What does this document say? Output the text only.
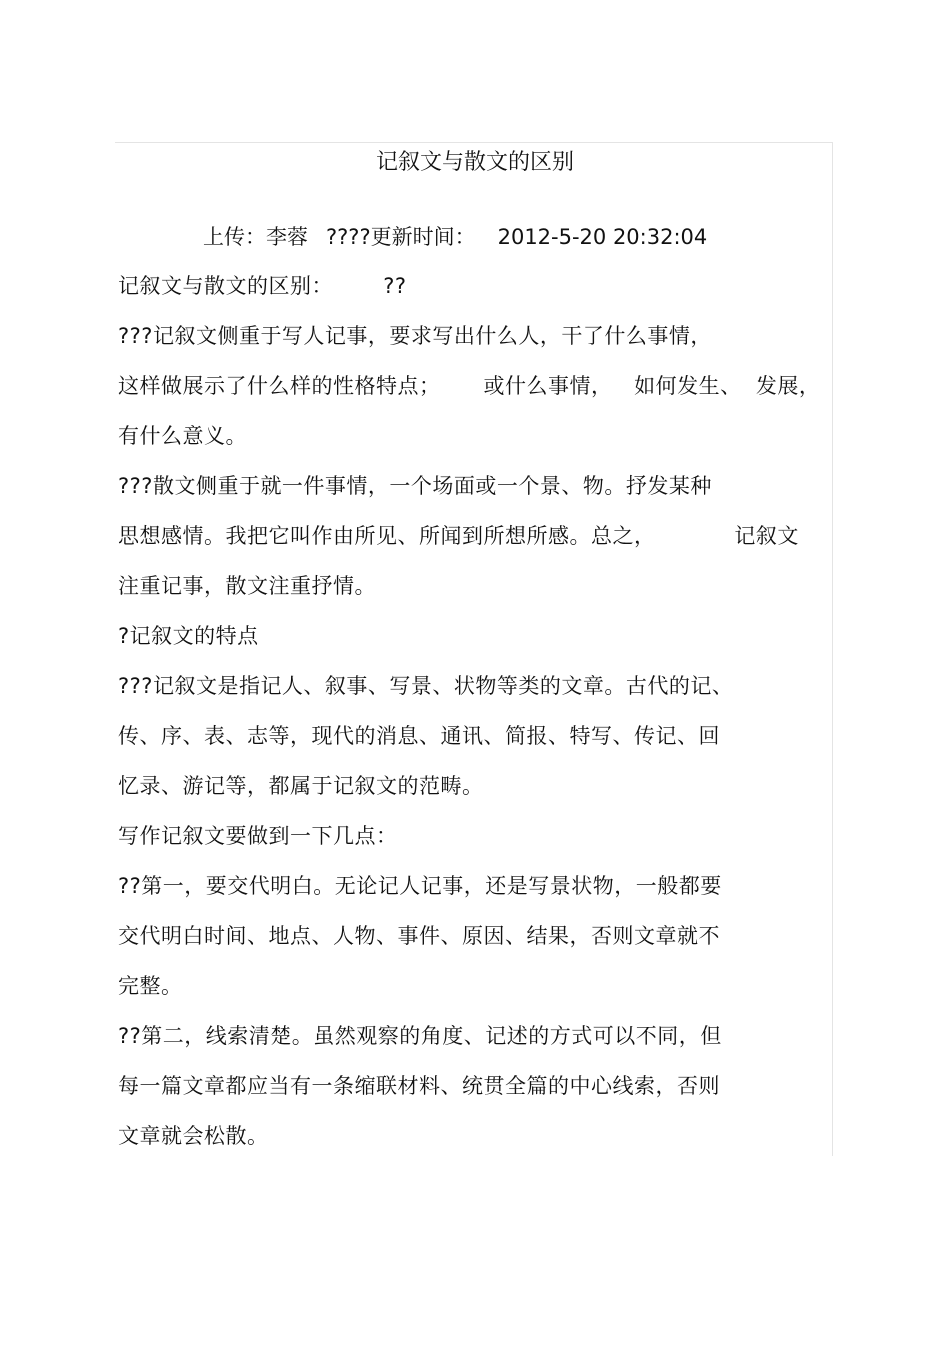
记叙文与散文的区别
上传：李蓉 ????更新时间： 2012-5-20 20:32:04
记叙文与散文的区别：       ??
???记叙文侧重于写人记事，要求写出什么人，干了什么事情，
这样做展示了什么样的性格特点；      或什么事情，   如何发生、  发展，
有什么意义。
???散文侧重于就一件事情，一个场面或一个景、物。抒发某种
思想感情。我把它叫作由所见、所闻到所想所感。总之，           记叙文
注重记事，散文注重抒情。
?记叙文的特点
???记叙文是指记人、叙事、写景、状物等类的文章。古代的记、
传、序、表、志等，现代的消息、通讯、简报、特写、传记、回
忆录、游记等，都属于记叙文的范畴。
写作记叙文要做到一下几点：
??第一，要交代明白。无论记人记事，还是写景状物，一般都要
交代明白时间、地点、人物、事件、原因、结果，否则文章就不
完整。
??第二，线索清楚。虽然观察的角度、记述的方式可以不同，但
每一篇文章都应当有一条缩联材料、统贯全篇的中心线索，否则
文章就会松散。
